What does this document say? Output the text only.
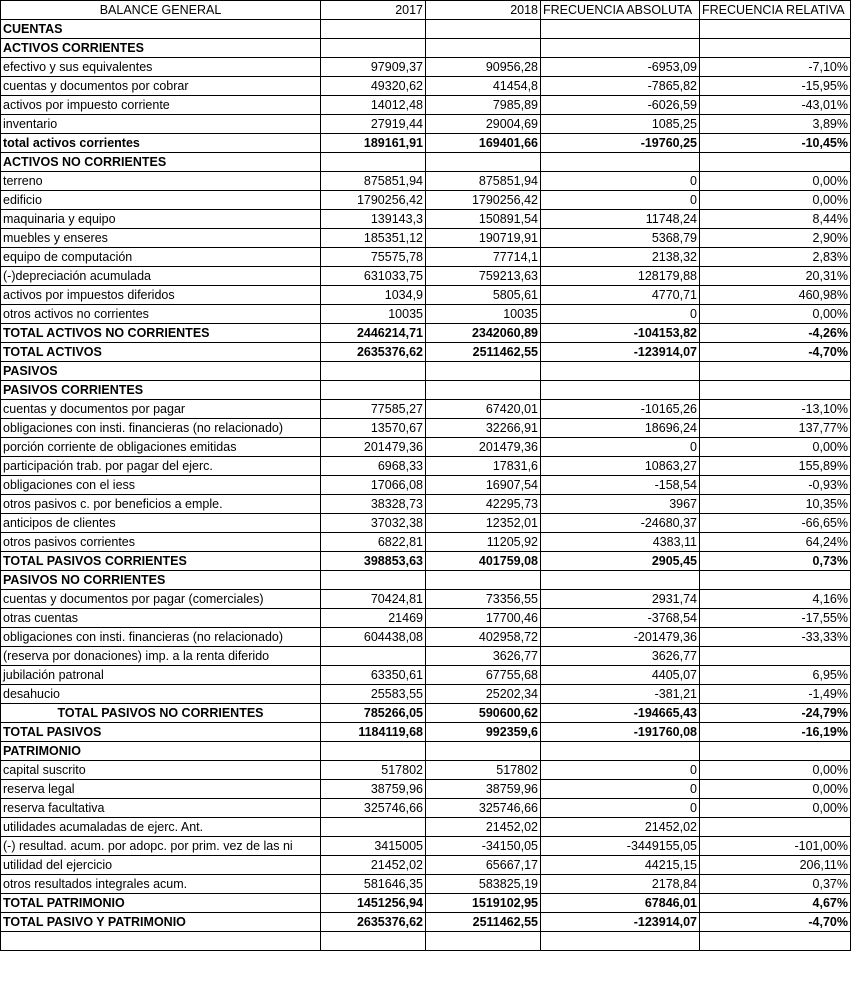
BALANCE GENERAL	2017	2018	FRECUENCIA ABSOLUTA	FRECUENCIA RELATIVA
CUENTAS				
ACTIVOS CORRIENTES				
efectivo y sus equivalentes	97909,37	90956,28	-6953,09	-7,10%
cuentas y documentos por cobrar	49320,62	41454,8	-7865,82	-15,95%
activos por impuesto corriente	14012,48	7985,89	-6026,59	-43,01%
inventario	27919,44	29004,69	1085,25	3,89%
total activos corrientes	189161,91	169401,66	-19760,25	-10,45%
ACTIVOS NO CORRIENTES				
terreno	875851,94	875851,94	0	0,00%
edificio	1790256,42	1790256,42	0	0,00%
maquinaria y equipo	139143,3	150891,54	11748,24	8,44%
muebles y enseres	185351,12	190719,91	5368,79	2,90%
equipo de computación	75575,78	77714,1	2138,32	2,83%
(-)depreciación acumulada	631033,75	759213,63	128179,88	20,31%
activos por impuestos diferidos	1034,9	5805,61	4770,71	460,98%
otros activos no corrientes	10035	10035	0	0,00%
TOTAL ACTIVOS NO CORRIENTES	2446214,71	2342060,89	-104153,82	-4,26%
TOTAL ACTIVOS	2635376,62	2511462,55	-123914,07	-4,70%
PASIVOS				
PASIVOS CORRIENTES				
cuentas y documentos por pagar	77585,27	67420,01	-10165,26	-13,10%
obligaciones con insti. financieras (no relacionado)	13570,67	32266,91	18696,24	137,77%
porción corriente de obligaciones emitidas	201479,36	201479,36	0	0,00%
participación trab. por pagar del ejerc.	6968,33	17831,6	10863,27	155,89%
obligaciones con el iess	17066,08	16907,54	-158,54	-0,93%
otros pasivos c. por beneficios a emple.	38328,73	42295,73	3967	10,35%
anticipos de clientes	37032,38	12352,01	-24680,37	-66,65%
otros pasivos corrientes	6822,81	11205,92	4383,11	64,24%
TOTAL PASIVOS CORRIENTES	398853,63	401759,08	2905,45	0,73%
PASIVOS NO CORRIENTES				
cuentas y documentos por pagar (comerciales)	70424,81	73356,55	2931,74	4,16%
otras cuentas	21469	17700,46	-3768,54	-17,55%
obligaciones con insti. financieras (no relacionado)	604438,08	402958,72	-201479,36	-33,33%
(reserva por donaciones) imp. a la renta diferido		3626,77	3626,77	
jubilación patronal	63350,61	67755,68	4405,07	6,95%
desahucio	25583,55	25202,34	-381,21	-1,49%
TOTAL PASIVOS NO CORRIENTES	785266,05	590600,62	-194665,43	-24,79%
TOTAL PASIVOS	1184119,68	992359,6	-191760,08	-16,19%
PATRIMONIO				
capital suscrito	517802	517802	0	0,00%
reserva legal	38759,96	38759,96	0	0,00%
reserva facultativa	325746,66	325746,66	0	0,00%
utilidades acumaladas de ejerc. Ant.		21452,02	21452,02	
(-) resultad. acum. por adopc. por prim. vez de las ni	3415005	-34150,05	-3449155,05	-101,00%
utilidad del ejercicio	21452,02	65667,17	44215,15	206,11%
otros resultados integrales acum.	581646,35	583825,19	2178,84	0,37%
TOTAL PATRIMONIO	1451256,94	1519102,95	67846,01	4,67%
TOTAL PASIVO Y PATRIMONIO	2635376,62	2511462,55	-123914,07	-4,70%
